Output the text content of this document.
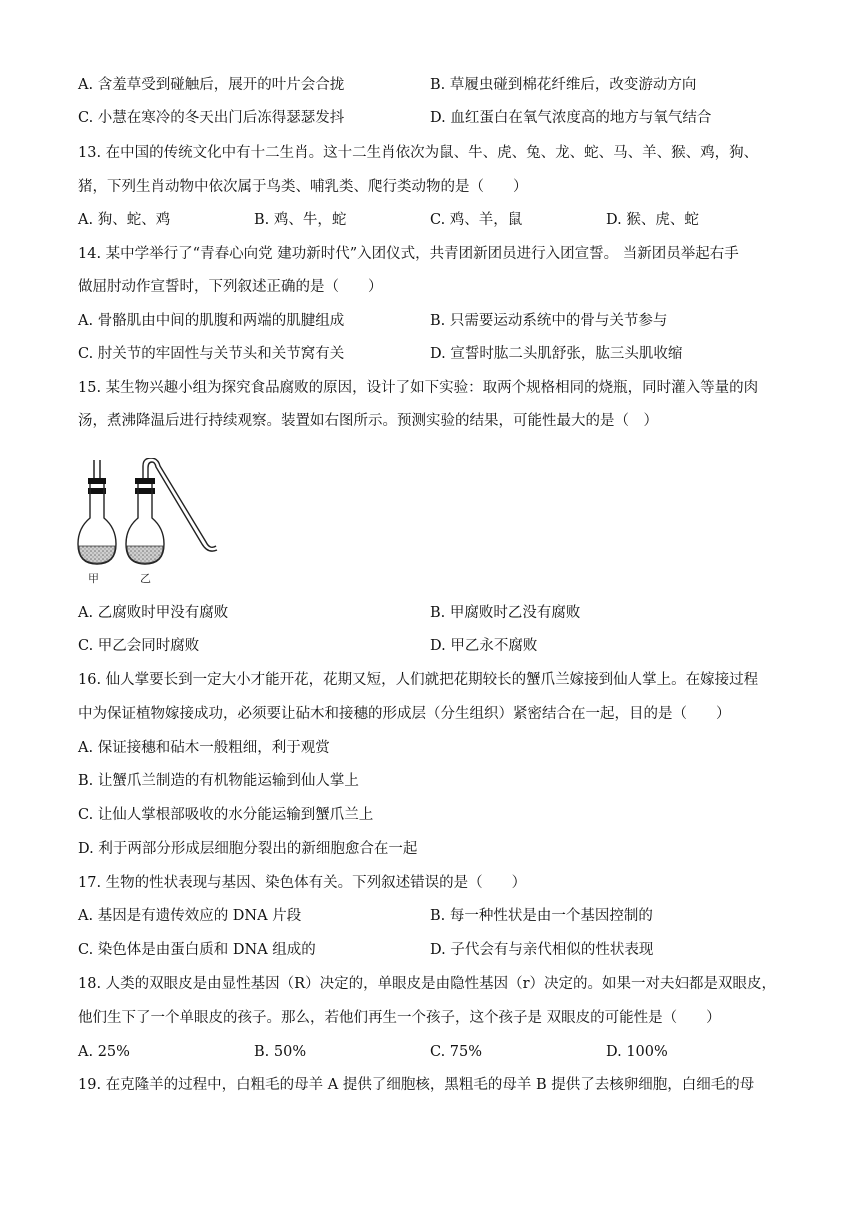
A. 含羞草受到碰触后，展开的叶片会合拢	B. 草履虫碰到棉花纤维后，改变游动方向
C. 小慧在寒冷的冬天出门后冻得瑟瑟发抖	D. 血红蛋白在氧气浓度高的地方与氧气结合
13. 在中国的传统文化中有十二生肖。这十二生肖依次为鼠、牛、虎、兔、龙、蛇、马、羊、猴、鸡，狗、
猪，下列生肖动物中依次属于鸟类、哺乳类、爬行类动物的是（　　）
A. 狗、蛇、鸡	B. 鸡、牛，蛇	C. 鸡、羊，鼠	D. 猴、虎、蛇
14. 某中学举行了“青春心向党 建功新时代”入团仪式，共青团新团员进行入团宣誓。 当新团员举起右手
做屈肘动作宣誓时，下列叙述正确的是（　　）
A. 骨骼肌由中间的肌腹和两端的肌腱组成	B. 只需要运动系统中的骨与关节参与
C. 肘关节的牢固性与关节头和关节窝有关	D. 宣誓时肱二头肌舒张，肱三头肌收缩
15. 某生物兴趣小组为探究食品腐败的原因，设计了如下实验：取两个规格相同的烧瓶，同时灌入等量的肉
汤，煮沸降温后进行持续观察。装置如右图所示。预测实验的结果，可能性最大的是（　）
甲	乙
A. 乙腐败时甲没有腐败	B. 甲腐败时乙没有腐败
C. 甲乙会同时腐败	D. 甲乙永不腐败
16. 仙人掌要长到一定大小才能开花，花期又短，人们就把花期较长的蟹爪兰嫁接到仙人掌上。在嫁接过程
中为保证植物嫁接成功，必须要让砧木和接穗的形成层（分生组织）紧密结合在一起，目的是（　　）
A. 保证接穗和砧木一般粗细，利于观赏
B. 让蟹爪兰制造的有机物能运输到仙人掌上
C. 让仙人掌根部吸收的水分能运输到蟹爪兰上
D. 利于两部分形成层细胞分裂出的新细胞愈合在一起
17. 生物的性状表现与基因、染色体有关。下列叙述错误的是（　　）
A. 基因是有遗传效应的 DNA 片段	B. 每一种性状是由一个基因控制的
C. 染色体是由蛋白质和 DNA 组成的	D. 子代会有与亲代相似的性状表现
18. 人类的双眼皮是由显性基因（R）决定的，单眼皮是由隐性基因（r）决定的。如果一对夫妇都是双眼皮，
他们生下了一个单眼皮的孩子。那么，若他们再生一个孩子，这个孩子是 双眼皮的可能性是（　　）
A. 25%	B. 50%	C. 75%	D. 100%
19. 在克隆羊的过程中，白粗毛的母羊 A 提供了细胞核，黑粗毛的母羊 B 提供了去核卵细胞，白细毛的母
